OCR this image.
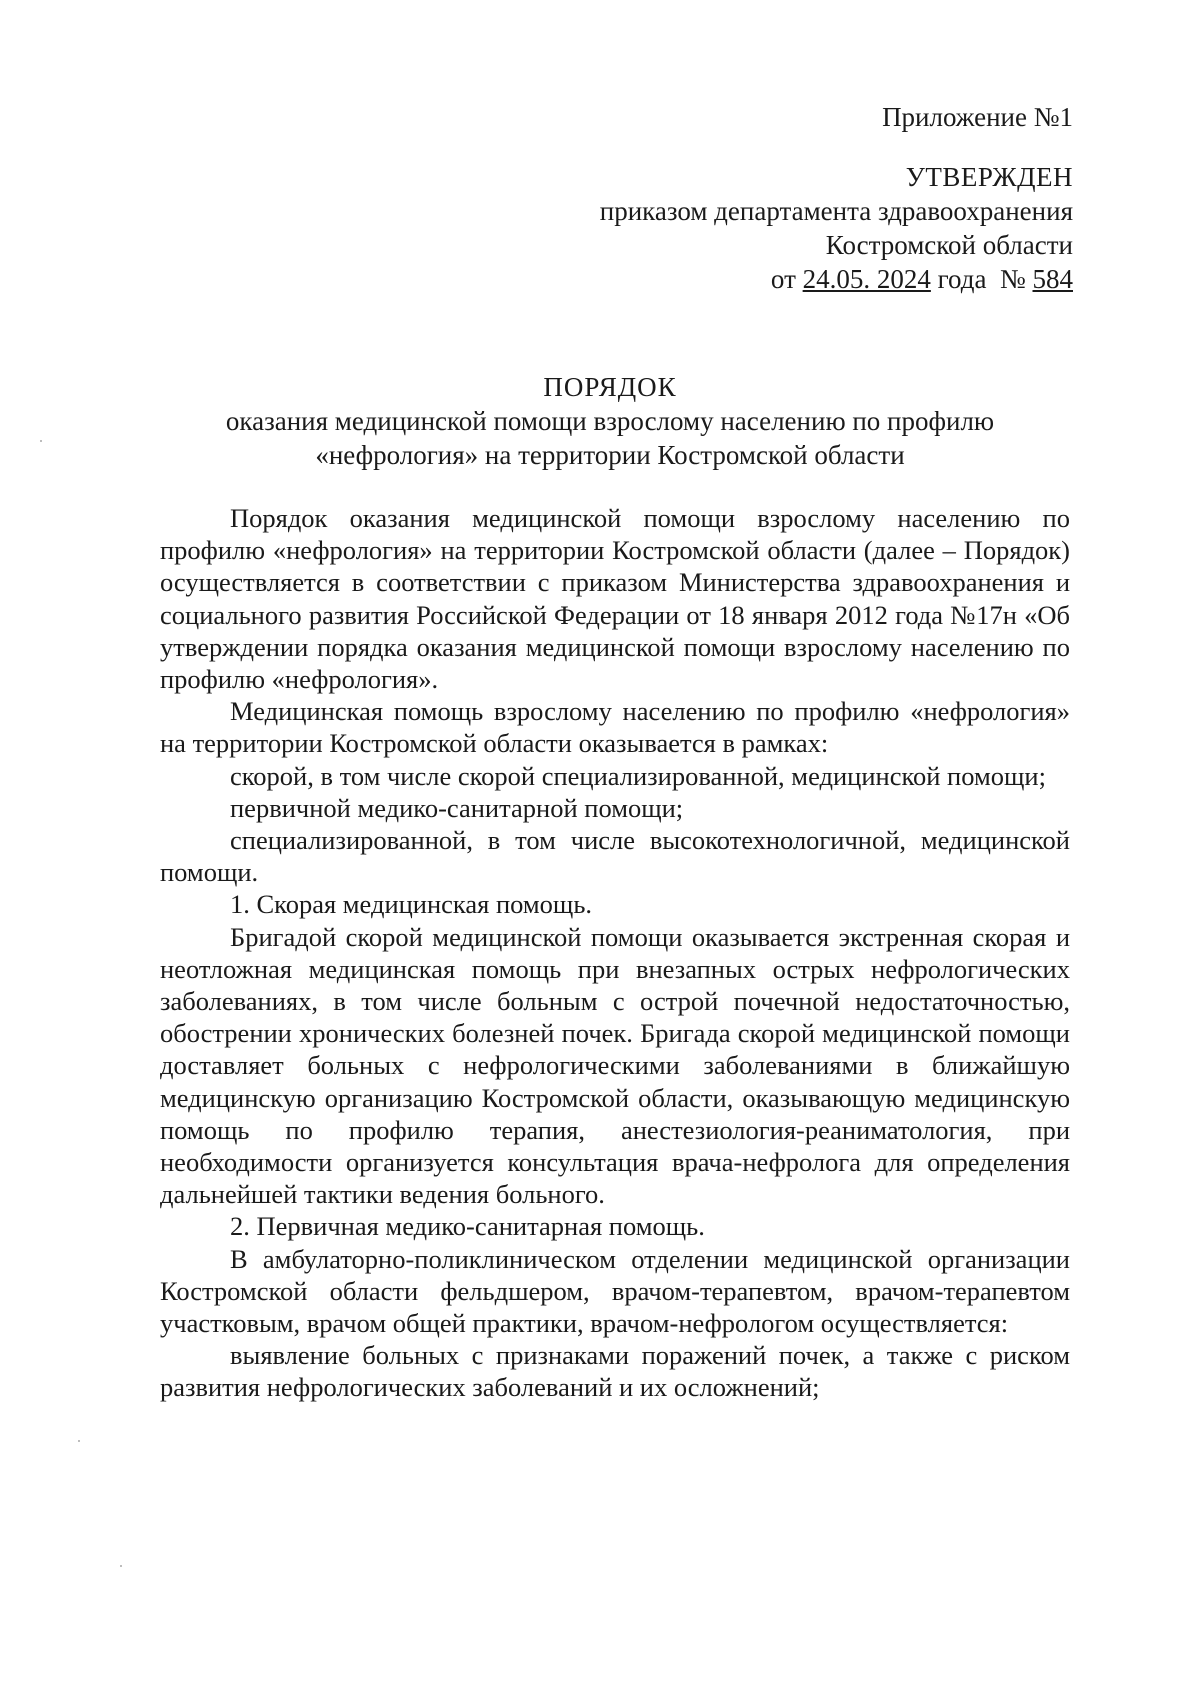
Приложение №1
УТВЕРЖДЕН
приказом департамента здравоохранения
Костромской области
от 24.05. 2024 года № 584
ПОРЯДОК
оказания медицинской помощи взрослому населению по профилю
«нефрология» на территории Костромской области

Порядок оказания медицинской помощи взрослому населению по профилю «нефрология» на территории Костромской области (далее – Порядок) осуществляется в соответствии с приказом Министерства здравоохранения и социального развития Российской Федерации от 18 января 2012 года №17н «Об утверждении порядка оказания медицинской помощи взрослому населению по профилю «нефрология».

Медицинская помощь взрослому населению по профилю «нефрология» на территории Костромской области оказывается в рамках:

скорой, в том числе скорой специализированной, медицинской помощи;

первичной медико-санитарной помощи;

специализированной, в том числе высокотехнологичной, медицинской помощи.

1. Скорая медицинская помощь.

Бригадой скорой медицинской помощи оказывается экстренная скорая и неотложная медицинская помощь при внезапных острых нефрологических заболеваниях, в том числе больным с острой почечной недостаточностью, обострении хронических болезней почек. Бригада скорой медицинской помощи доставляет больных с нефрологическими заболеваниями в ближайшую медицинскую организацию Костромской области, оказывающую медицинскую помощь по профилю терапия, анестезиология-реаниматология, при необходимости организуется консультация врача-нефролога для определения дальнейшей тактики ведения больного.

2. Первичная медико-санитарная помощь.

В амбулаторно-поликлиническом отделении медицинской организации Костромской области фельдшером, врачом-терапевтом, врачом-терапевтом участковым, врачом общей практики, врачом-нефрологом осуществляется:

выявление больных с признаками поражений почек, а также с риском развития нефрологических заболеваний и их осложнений;
